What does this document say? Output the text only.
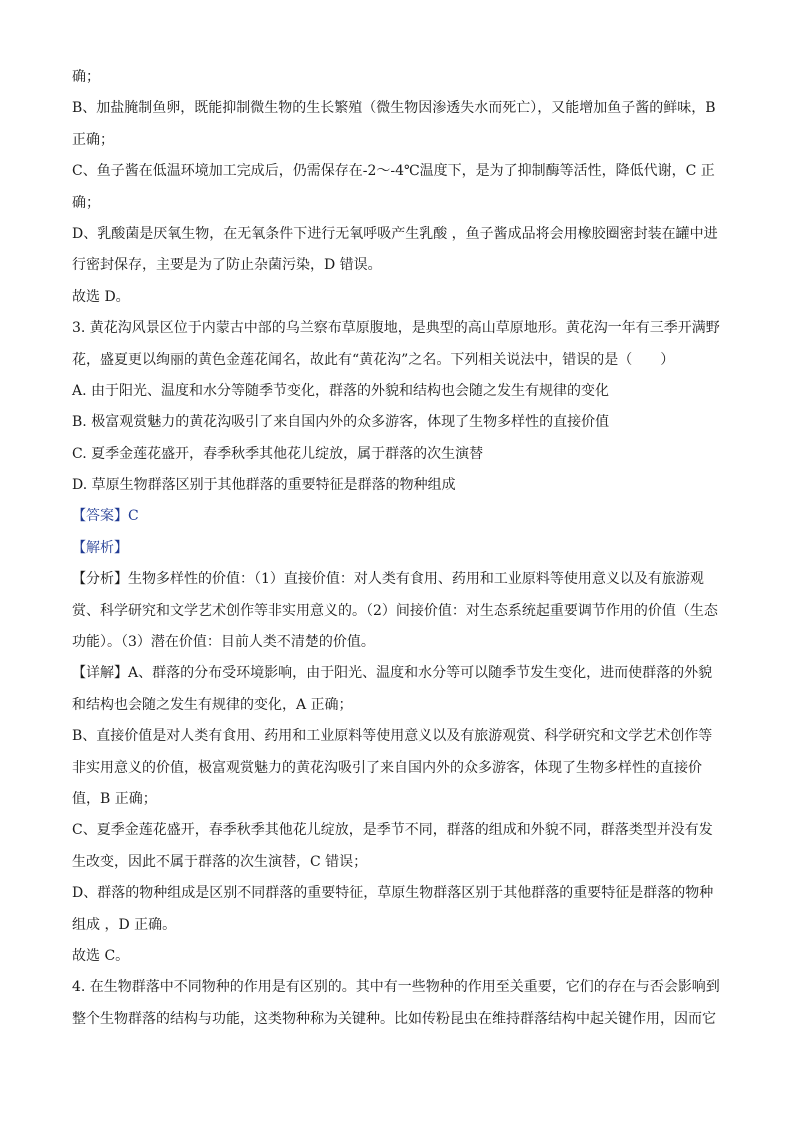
确；
B、加盐腌制鱼卵，既能抑制微生物的生长繁殖（微生物因渗透失水而死亡），又能增加鱼子酱的鲜味，B
正确；
C、鱼子酱在低温环境加工完成后，仍需保存在-2～-4℃温度下，是为了抑制酶等活性，降低代谢，C 正
确；
D、乳酸菌是厌氧生物，在无氧条件下进行无氧呼吸产生乳酸 ，鱼子酱成品将会用橡胶圈密封装在罐中进
行密封保存，主要是为了防止杂菌污染，D 错误。
故选 D。
3. 黄花沟风景区位于内蒙古中部的乌兰察布草原腹地，是典型的高山草原地形。黄花沟一年有三季开满野
花，盛夏更以绚丽的黄色金莲花闻名，故此有“黄花沟”之名。下列相关说法中，错误的是（　　）
A. 由于阳光、温度和水分等随季节变化，群落的外貌和结构也会随之发生有规律的变化
B. 极富观赏魅力的黄花沟吸引了来自国内外的众多游客，体现了生物多样性的直接价值
C. 夏季金莲花盛开，春季秋季其他花儿绽放，属于群落的次生演替
D. 草原生物群落区别于其他群落的重要特征是群落的物种组成
【答案】C
【解析】
【分析】生物多样性的价值：（1）直接价值：对人类有食用、药用和工业原料等使用意义以及有旅游观
赏、科学研究和文学艺术创作等非实用意义的。（2）间接价值：对生态系统起重要调节作用的价值（生态
功能）。（3）潜在价值：目前人类不清楚的价值。
【详解】A、群落的分布受环境影响，由于阳光、温度和水分等可以随季节发生变化，进而使群落的外貌
和结构也会随之发生有规律的变化，A 正确；
B、直接价值是对人类有食用、药用和工业原料等使用意义以及有旅游观赏、科学研究和文学艺术创作等
非实用意义的价值，极富观赏魅力的黄花沟吸引了来自国内外的众多游客，体现了生物多样性的直接价
值，B 正确；
C、夏季金莲花盛开，春季秋季其他花儿绽放，是季节不同，群落的组成和外貌不同，群落类型并没有发
生改变，因此不属于群落的次生演替，C 错误；
D、群落的物种组成是区别不同群落的重要特征，草原生物群落区别于其他群落的重要特征是群落的物种
组成 ，D 正确。
故选 C。
4. 在生物群落中不同物种的作用是有区别的。其中有一些物种的作用至关重要，它们的存在与否会影响到
整个生物群落的结构与功能，这类物种称为关键种。比如传粉昆虫在维持群落结构中起关键作用，因而它
